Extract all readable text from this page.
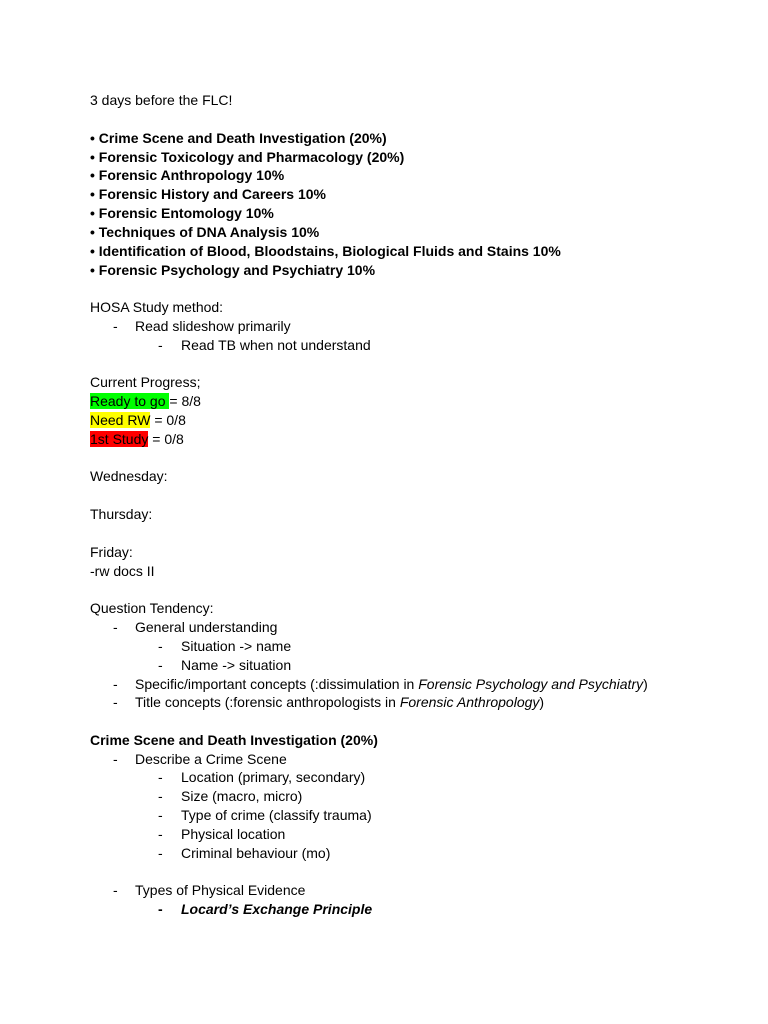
3 days before the FLC!
• Crime Scene and Death Investigation (20%)
• Forensic Toxicology and Pharmacology (20%)
• Forensic Anthropology 10%
• Forensic History and Careers 10%
• Forensic Entomology 10%
• Techniques of DNA Analysis 10%
• Identification of Blood, Bloodstains, Biological Fluids and Stains 10%
• Forensic Psychology and Psychiatry 10%
HOSA Study method:
-	Read slideshow primarily
-	Read TB when not understand
Current Progress;
Ready to go = 8/8
Need RW = 0/8
1st Study = 0/8
Wednesday:
Thursday:
Friday:
-rw docs II
Question Tendency:
-	General understanding
-	Situation -> name
-	Name -> situation
-	Specific/important concepts (:dissimulation in Forensic Psychology and Psychiatry)
-	Title concepts (:forensic anthropologists in Forensic Anthropology)
Crime Scene and Death Investigation (20%)
-	Describe a Crime Scene
-	Location (primary, secondary)
-	Size (macro, micro)
-	Type of crime (classify trauma)
-	Physical location
-	Criminal behaviour (mo)
-	Types of Physical Evidence
-	Locard’s Exchange Principle
